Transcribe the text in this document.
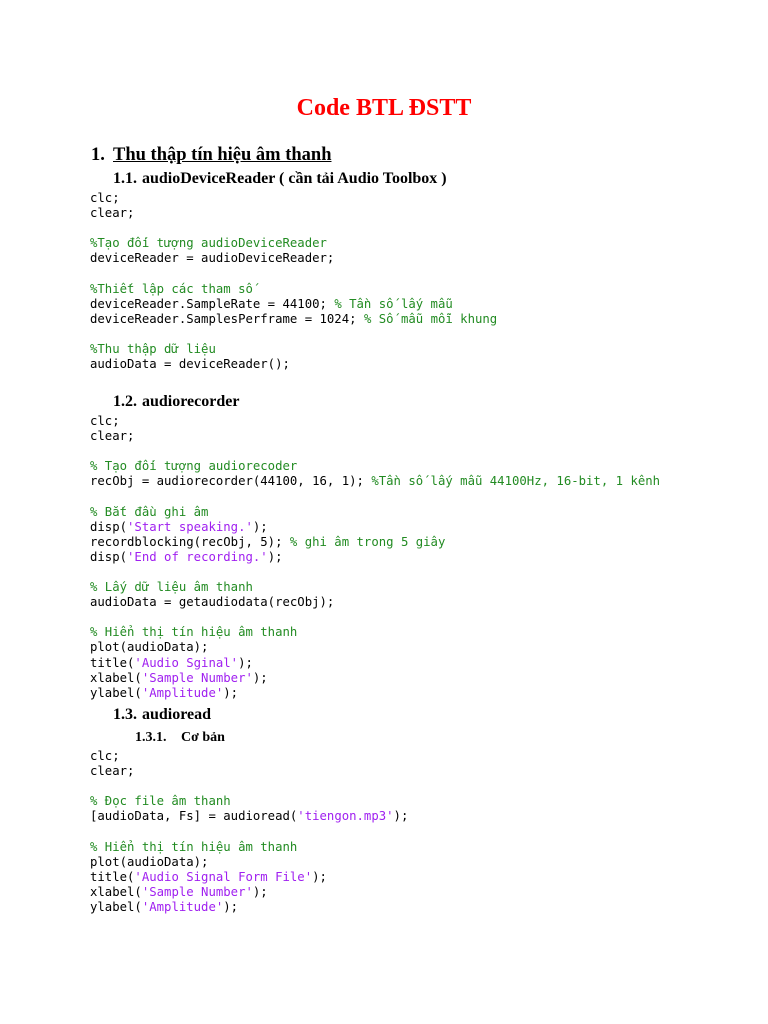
Code BTL ĐSTT
1. Thu thập tín hiệu âm thanh
1.1. audioDeviceReader ( cần tải Audio Toolbox )
clc;
clear;
%Tạo đối tượng audioDeviceReader
deviceReader = audioDeviceReader;
%Thiết lập các tham số
deviceReader.SampleRate = 44100; % Tần số lấy mẫu
deviceReader.SamplesPerframe = 1024; % Số mẫu mỗi khung
%Thu thập dữ liệu
audioData = deviceReader();
1.2. audiorecorder
clc;
clear;
% Tạo đối tượng audiorecoder
recObj = audiorecorder(44100, 16, 1); %Tần số lấy mẫu 44100Hz, 16-bit, 1 kênh
% Bắt đầu ghi âm
disp('Start speaking.');
recordblocking(recObj, 5); % ghi âm trong 5 giây
disp('End of recording.');
% Lấy dữ liệu âm thanh
audioData = getaudiodata(recObj);
% Hiển thị tín hiệu âm thanh
plot(audioData);
title('Audio Sginal');
xlabel('Sample Number');
ylabel('Amplitude');
1.3. audioread
1.3.1. Cơ bản
clc;
clear;
% Đọc file âm thanh
[audioData, Fs] = audioread('tiengon.mp3');
% Hiển thị tín hiệu âm thanh
plot(audioData);
title('Audio Signal Form File');
xlabel('Sample Number');
ylabel('Amplitude');
